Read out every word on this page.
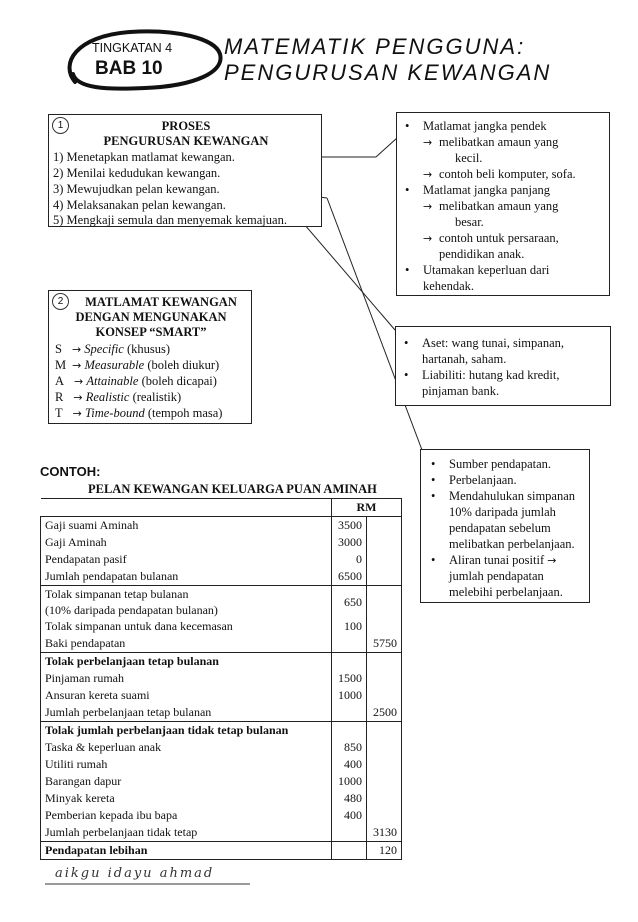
TINGKATAN 4
BAB 10
MATEMATIK PENGGUNA:
PENGURUSAN KEWANGAN
PROSES
PENGURUSAN KEWANGAN
1) Menetapkan matlamat kewangan.
2) Menilai kedudukan kewangan.
3) Mewujudkan pelan kewangan.
4) Melaksanakan pelan kewangan.
5) Mengkaji semula dan menyemak kemajuan.
1	• Matlamat jangka pendek
→ melibatkan amaun yang
kecil.
→ contoh beli komputer, sofa.
• Matlamat jangka panjang
→ melibatkan amaun yang
besar.
→ contoh untuk persaraan,
pendidikan anak.
• Utamakan keperluan dari
kehendak.
MATLAMAT KEWANGAN
DENGAN MENGUNAKAN
KONSEP “SMART”
S → Specific (khusus)
M → Measurable (boleh diukur)
A → Attainable (boleh dicapai)
R → Realistic (realistik)
T → Time-bound (tempoh masa)
2
• Aset: wang tunai, simpanan,
hartanah, saham.
• Liabiliti: hutang kad kredit,
pinjaman bank.
• Sumber pendapatan.
• Perbelanjaan.
• Mendahulukan simpanan
10% daripada jumlah
pendapatan sebelum
melibatkan perbelanjaan.
• Aliran tunai positif →
jumlah pendapatan
melebihi perbelanjaan.
CONTOH:
PELAN KEWANGAN KELUARGA PUAN AMINAH
	RM	
Gaji suami Aminah	3500	
Gaji Aminah	3000	
Pendapatan pasif	0	
Jumlah pendapatan bulanan	6500	
Tolak simpanan tetap bulanan
(10% daripada pendapatan bulanan)	650	
Tolak simpanan untuk dana kecemasan	100	
Baki pendapatan		5750
Tolak perbelanjaan tetap bulanan		
Pinjaman rumah	1500	
Ansuran kereta suami	1000	
Jumlah perbelanjaan tetap bulanan		2500
Tolak jumlah perbelanjaan tidak tetap bulanan		
Taska & keperluan anak	850	
Utiliti rumah	400	
Barangan dapur	1000	
Minyak kereta	480	
Pemberian kepada ibu bapa	400	
Jumlah perbelanjaan tidak tetap		3130
Pendapatan lebihan		120
aikgu idayu ahmad
